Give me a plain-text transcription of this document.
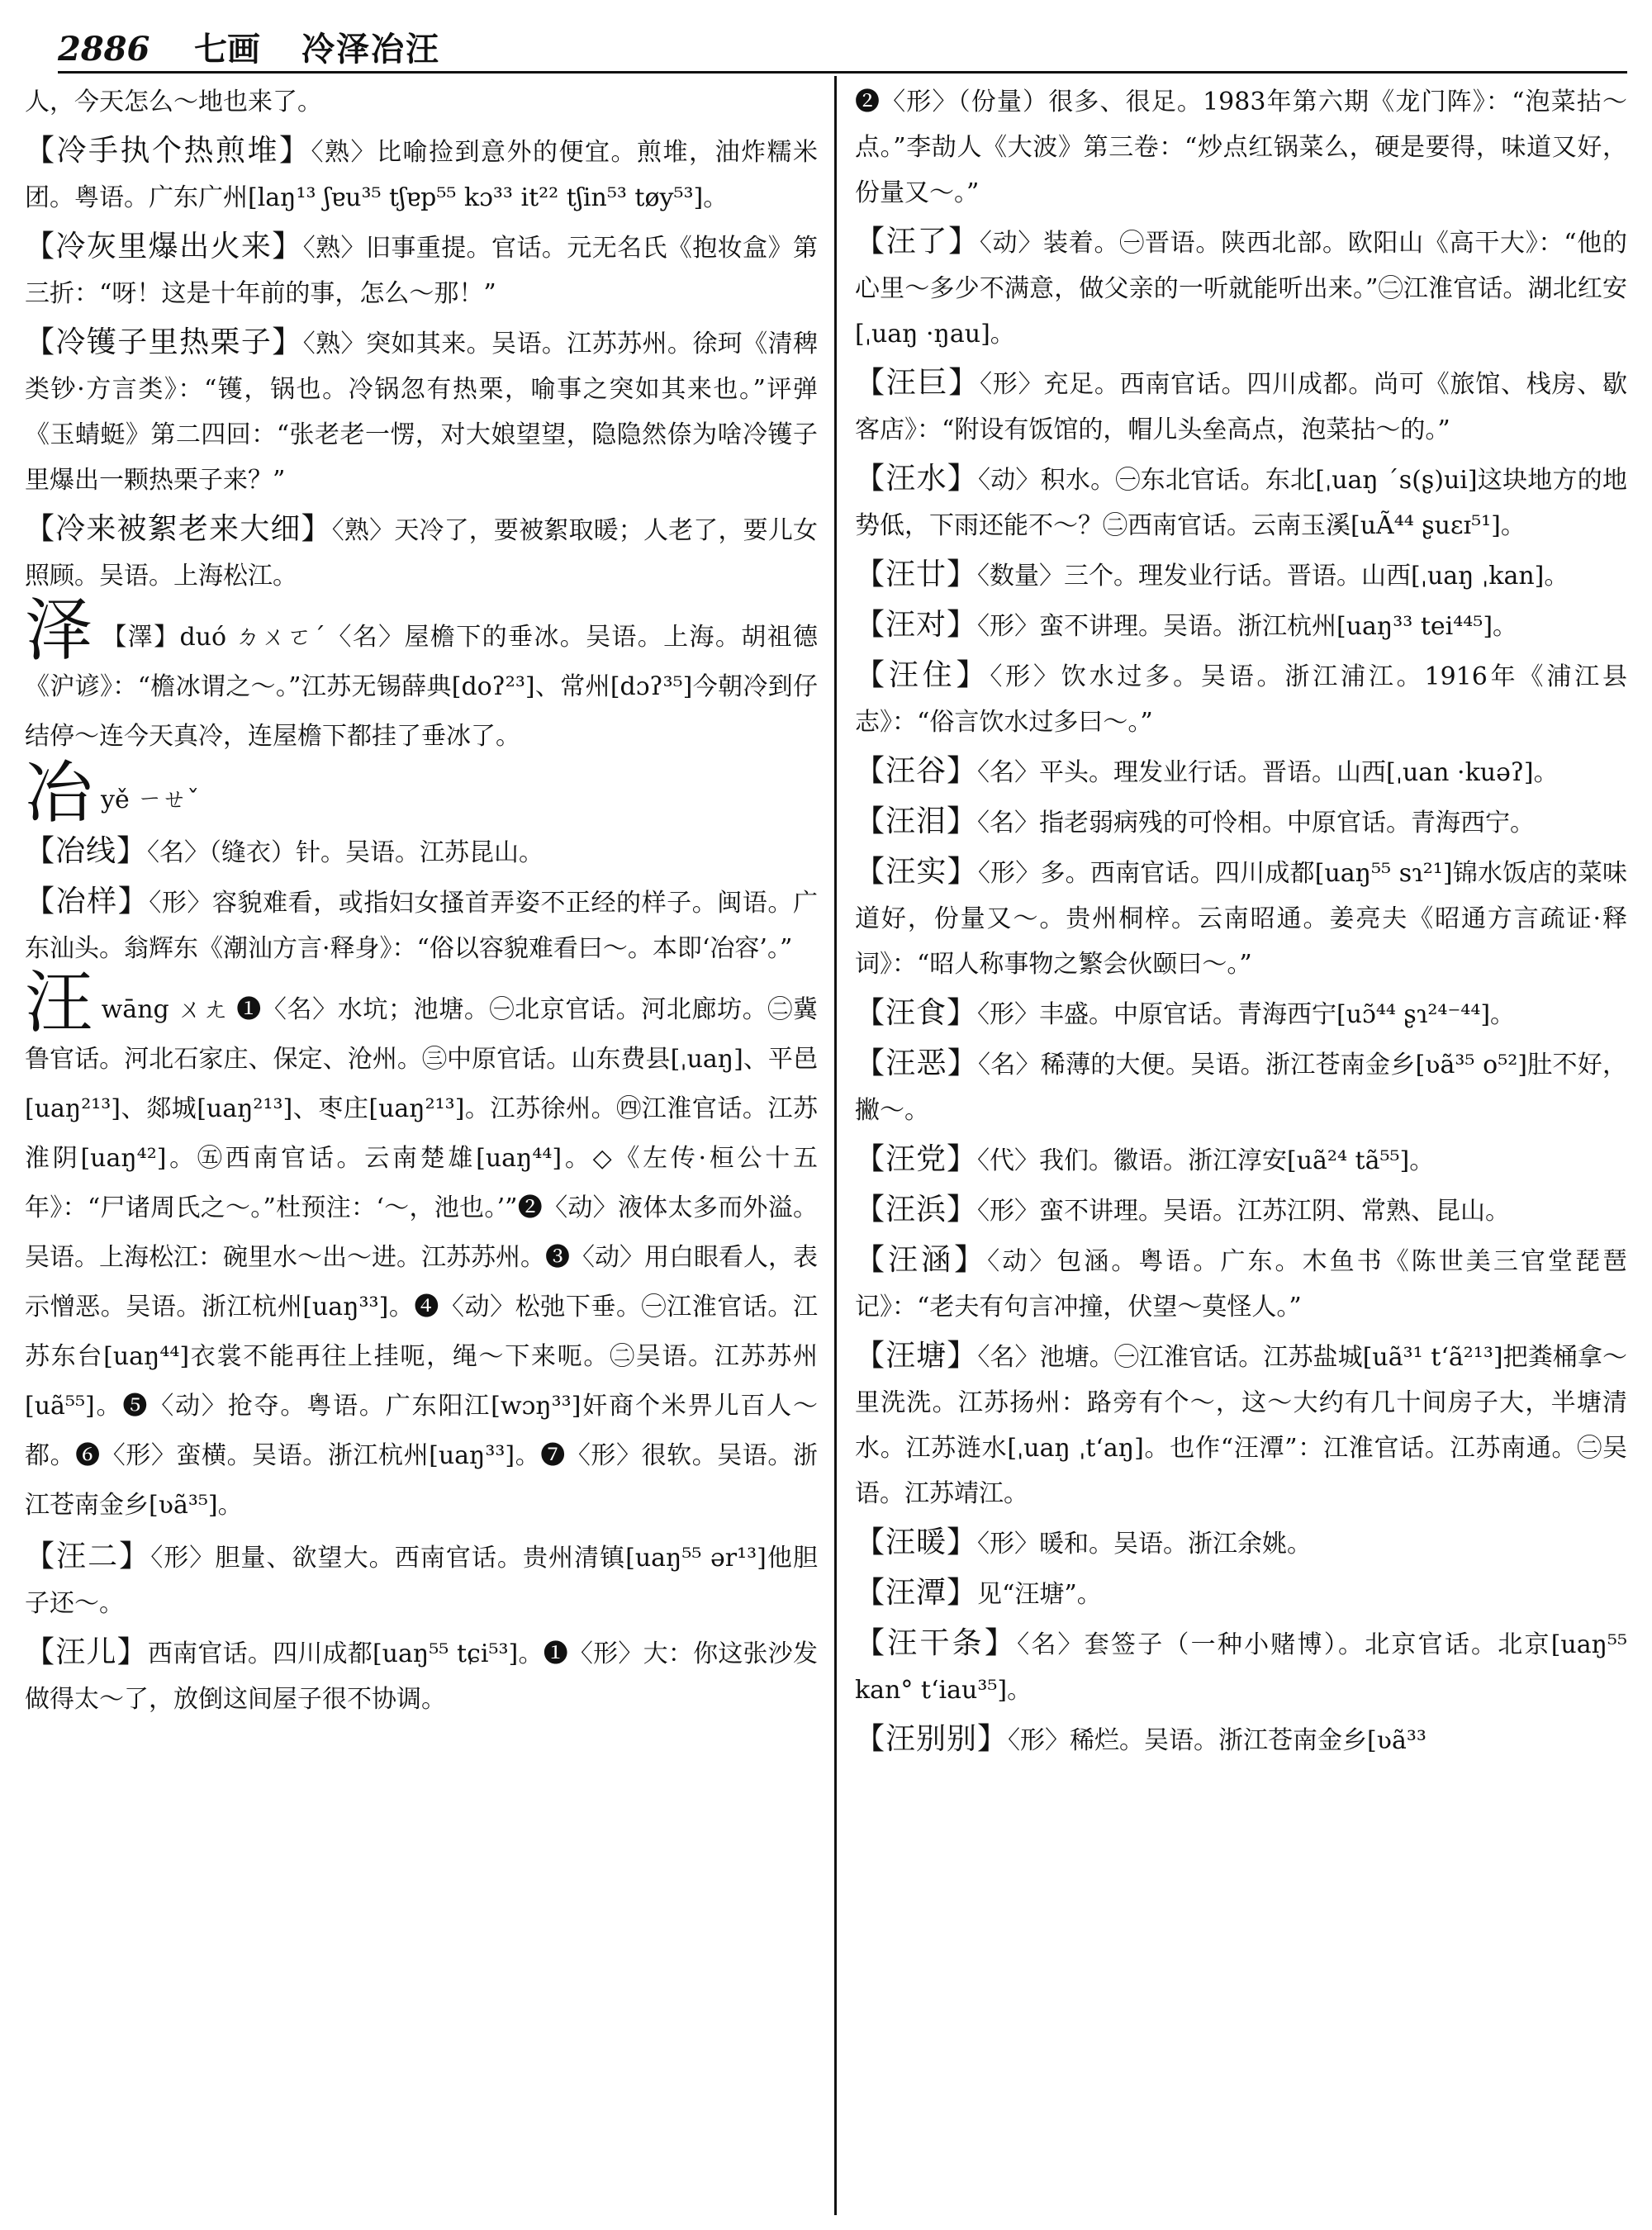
2886	七画	冷泽冶汪

人，今天怎么～地也来了。

【冷手执个热煎堆】〈熟〉比喻捡到意外的便宜。煎堆，油炸糯米团。粤语。广东广州[laŋ¹³ ʃɐu³⁵ tʃɐp⁵⁵ kɔ³³ it²² tʃin⁵³ tøy⁵³]。

【冷灰里爆出火来】〈熟〉旧事重提。官话。元无名氏《抱妆盒》第三折：“呀！这是十年前的事，怎么～那！”

【冷镬子里热栗子】〈熟〉突如其来。吴语。江苏苏州。徐珂《清稗类钞·方言类》：“镬，锅也。冷锅忽有热栗，喻事之突如其来也。”评弹《玉蜻蜓》第二四回：“张老老一愣，对大娘望望，隐隐然倷为啥冷镬子里爆出一颗热栗子来？”

【冷来被絮老来大细】〈熟〉天冷了，要被絮取暖；人老了，要儿女照顾。吴语。上海松江。

泽 【澤】duó ㄉㄨㄛˊ〈名〉屋檐下的垂冰。吴语。上海。胡祖德《沪谚》：“檐冰谓之～。”江苏无锡薛典[doʔ²³]、常州[dɔʔ³⁵]今朝冷到仔结停～连今天真冷，连屋檐下都挂了垂冰了。

冶yě ㄧㄝˇ

【冶线】〈名〉（缝衣）针。吴语。江苏昆山。

【冶样】〈形〉容貌难看，或指妇女搔首弄姿不正经的样子。闽语。广东汕头。翁辉东《潮汕方言·释身》：“俗以容貌难看曰～。本即‘冶容’。”

汪wāng ㄨㄤ ❶〈名〉水坑；池塘。㊀北京官话。河北廊坊。㊁冀鲁官话。河北石家庄、保定、沧州。㊂中原官话。山东费县[ˌuaŋ]、平邑[uaŋ²¹³]、郯城[uaŋ²¹³]、枣庄[uaŋ²¹³]。江苏徐州。㊃江淮官话。江苏淮阴[uaŋ⁴²]。㊄西南官话。云南楚雄[uaŋ⁴⁴]。◇《左传·桓公十五年》：“尸诸周氏之～。”杜预注：‘～，池也。’”❷〈动〉液体太多而外溢。吴语。上海松江：碗里水～出～进。江苏苏州。❸〈动〉用白眼看人，表示憎恶。吴语。浙江杭州[uaŋ³³]。❹〈动〉松弛下垂。㊀江淮官话。江苏东台[uaŋ⁴⁴]衣裳不能再往上挂呃，绳～下来呃。㊁吴语。江苏苏州[uã⁵⁵]。❺〈动〉抢夺。粤语。广东阳江[wɔŋ³³]奸商个米畀儿百人～都。❻〈形〉蛮横。吴语。浙江杭州[uaŋ³³]。❼〈形〉很软。吴语。浙江苍南金乡[ʋã³⁵]。

【汪二】〈形〉胆量、欲望大。西南官话。贵州清镇[uaŋ⁵⁵ ər¹³]他胆子还～。

【汪儿】西南官话。四川成都[uaŋ⁵⁵ tɕi⁵³]。❶〈形〉大：你这张沙发做得太～了，放倒这间屋子很不协调。

❷〈形〉（份量）很多、很足。1983年第六期《龙门阵》：“泡菜拈～点。”李劼人《大波》第三卷：“炒点红锅菜么，硬是要得，味道又好，份量又～。”

【汪了】〈动〉装着。㊀晋语。陕西北部。欧阳山《高干大》：“他的心里～多少不满意，做父亲的一听就能听出来。”㊁江淮官话。湖北红安[ˌuaŋ ·ŋau]。

【汪巨】〈形〉充足。西南官话。四川成都。尚可《旅馆、栈房、歇客店》：“附设有饭馆的，帽儿头垒高点，泡菜拈～的。”

【汪水】〈动〉积水。㊀东北官话。东北[ˌuaŋ ˊs(ʂ)ui]这块地方的地势低，下雨还能不～？㊁西南官话。云南玉溪[uÃ⁴⁴ ʂuɛɪ⁵¹]。

【汪廿】〈数量〉三个。理发业行话。晋语。山西[ˌuaŋ ˌkan]。

【汪对】〈形〉蛮不讲理。吴语。浙江杭州[uaŋ³³ tei⁴⁴⁵]。

【汪住】〈形〉饮水过多。吴语。浙江浦江。1916年《浦江县志》：“俗言饮水过多曰～。”

【汪谷】〈名〉平头。理发业行话。晋语。山西[ˌuan ·kuəʔ]。

【汪泪】〈名〉指老弱病残的可怜相。中原官话。青海西宁。

【汪实】〈形〉多。西南官话。四川成都[uaŋ⁵⁵ sɿ²¹]锦水饭店的菜味道好，份量又～。贵州桐梓。云南昭通。姜亮夫《昭通方言疏证·释词》：“昭人称事物之繁会伙颐曰～。”

【汪食】〈形〉丰盛。中原官话。青海西宁[uɔ̃⁴⁴ ʂɿ²⁴⁻⁴⁴]。

【汪恶】〈名〉稀薄的大便。吴语。浙江苍南金乡[ʋã³⁵ o⁵²]肚不好，撇～。

【汪党】〈代〉我们。徽语。浙江淳安[uã²⁴ tã⁵⁵]。

【汪浜】〈形〉蛮不讲理。吴语。江苏江阴、常熟、昆山。

【汪涵】〈动〉包涵。粤语。广东。木鱼书《陈世美三官堂琵琶记》：“老夫有句言冲撞，伏望～莫怪人。”

【汪塘】〈名〉池塘。㊀江淮官话。江苏盐城[uã³¹ tʻã²¹³]把粪桶拿～里洗洗。江苏扬州：路旁有个～，这～大约有几十间房子大，半塘清水。江苏涟水[ˌuaŋ ˌtʻaŋ]。也作“汪潭”：江淮官话。江苏南通。㊁吴语。江苏靖江。

【汪暖】〈形〉暖和。吴语。浙江余姚。

【汪潭】见“汪塘”。

【汪干条】〈名〉套签子（一种小赌博）。北京官话。北京[uaŋ⁵⁵ kan° tʻiau³⁵]。

【汪别别】〈形〉稀烂。吴语。浙江苍南金乡[ʋã³³
